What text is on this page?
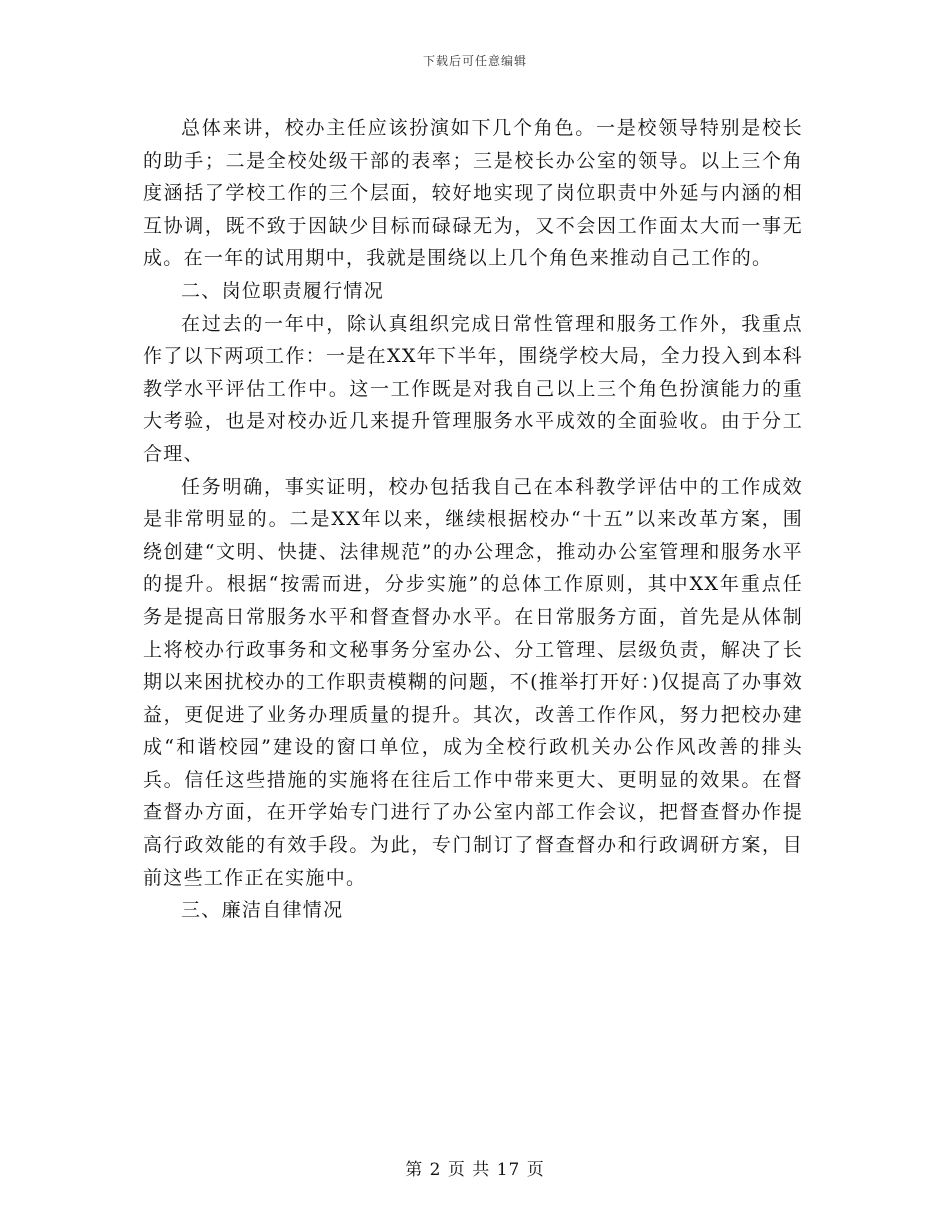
下载后可任意编辑

总体来讲，校办主任应该扮演如下几个角色。一是校领导特别是校长的助手；二是全校处级干部的表率；三是校长办公室的领导。以上三个角度涵括了学校工作的三个层面，较好地实现了岗位职责中外延与内涵的相互协调，既不致于因缺少目标而碌碌无为，又不会因工作面太大而一事无成。在一年的试用期中，我就是围绕以上几个角色来推动自己工作的。

二、岗位职责履行情况

在过去的一年中，除认真组织完成日常性管理和服务工作外，我重点作了以下两项工作：一是在XX年下半年，围绕学校大局，全力投入到本科教学水平评估工作中。这一工作既是对我自己以上三个角色扮演能力的重大考验，也是对校办近几来提升管理服务水平成效的全面验收。由于分工合理、

任务明确，事实证明，校办包括我自己在本科教学评估中的工作成效是非常明显的。二是XX年以来，继续根据校办“十五”以来改革方案，围绕创建“文明、快捷、法律规范”的办公理念，推动办公室管理和服务水平的提升。根据“按需而进，分步实施”的总体工作原则，其中XX年重点任务是提高日常服务水平和督查督办水平。在日常服务方面，首先是从体制上将校办行政事务和文秘事务分室办公、分工管理、层级负责，解决了长期以来困扰校办的工作职责模糊的问题，不(推举打开好：)仅提高了办事效益，更促进了业务办理质量的提升。其次，改善工作作风，努力把校办建成“和谐校园”建设的窗口单位，成为全校行政机关办公作风改善的排头兵。信任这些措施的实施将在往后工作中带来更大、更明显的效果。在督查督办方面，在开学始专门进行了办公室内部工作会议，把督查督办作提高行政效能的有效手段。为此，专门制订了督查督办和行政调研方案，目前这些工作正在实施中。

三、廉洁自律情况

第 2 页 共 17 页
